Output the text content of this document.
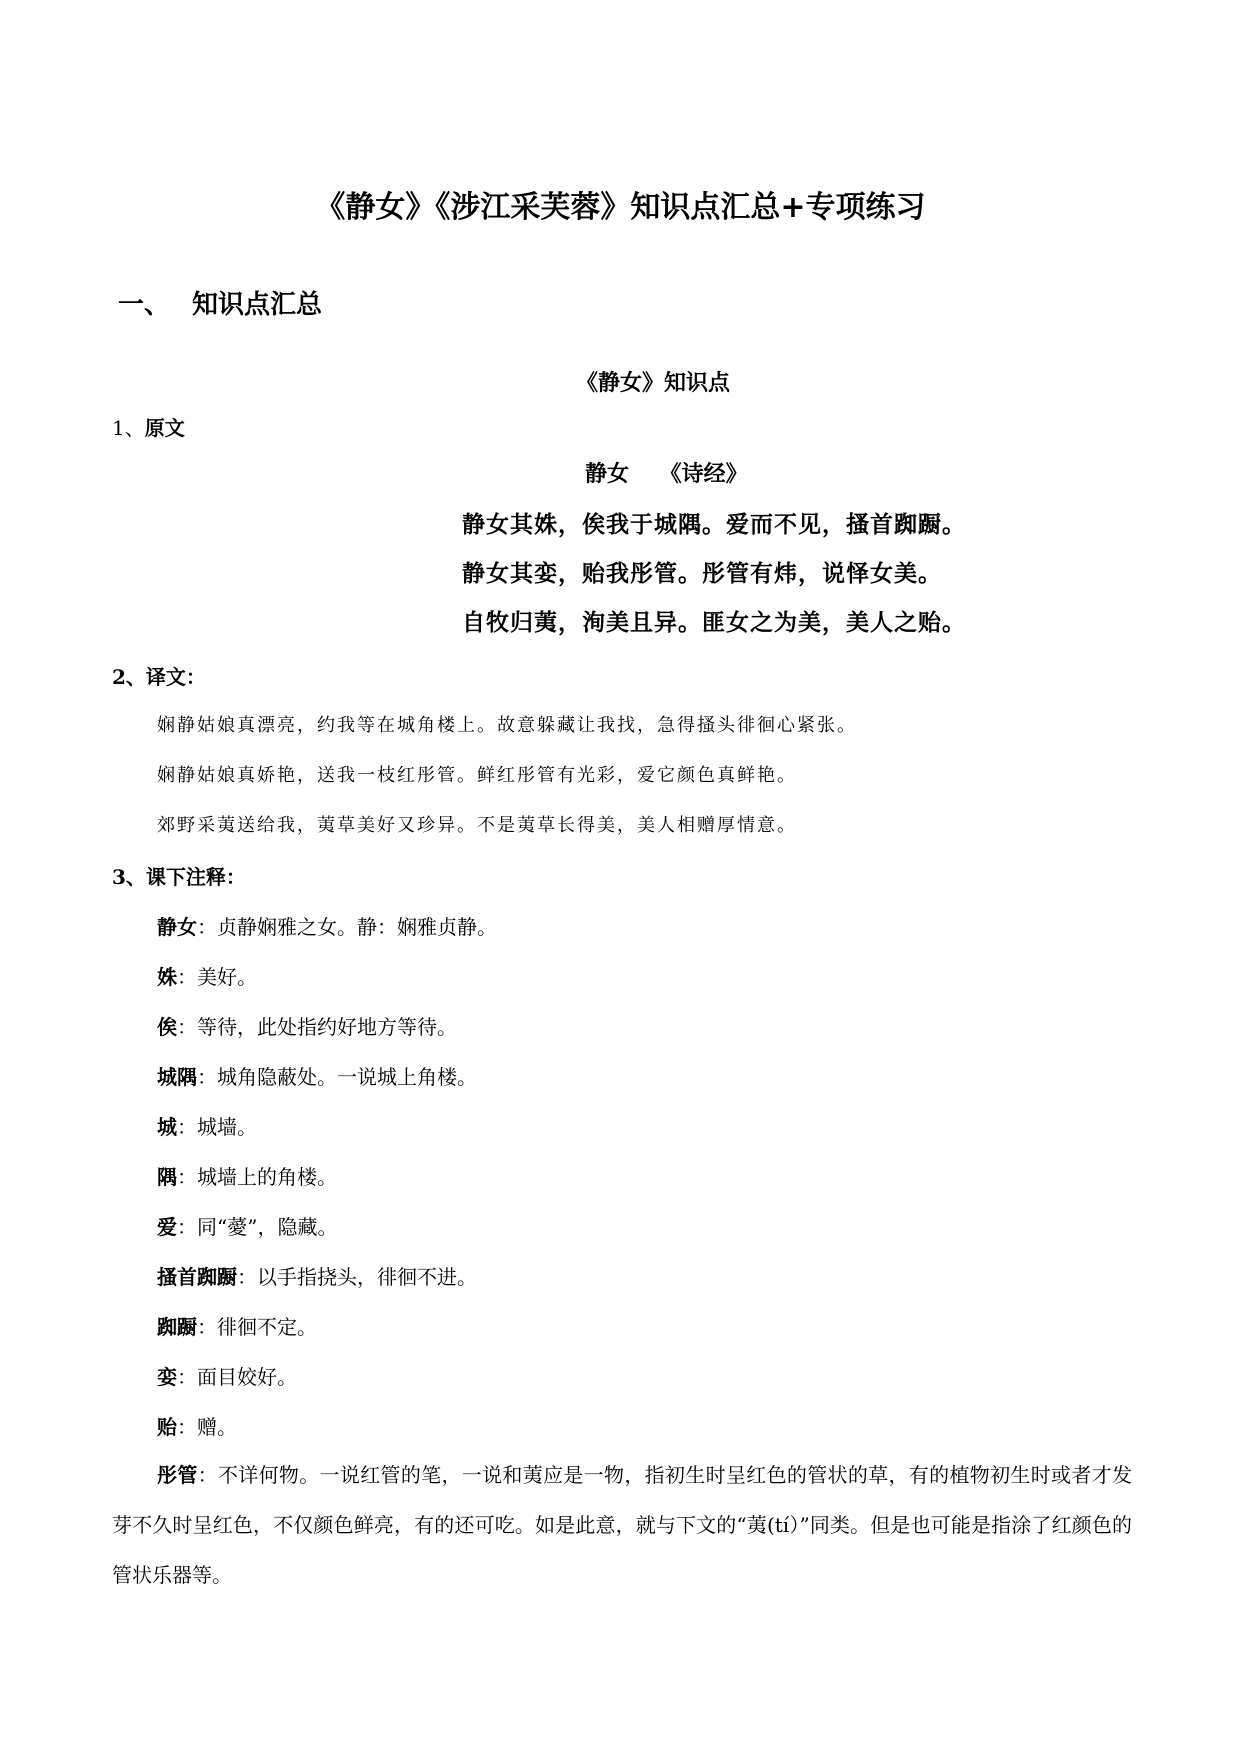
《静女》《涉江采芙蓉》知识点汇总+专项练习
一、 知识点汇总
《静女》知识点
1、原文
静女    《诗经》
静女其姝，俟我于城隅。爱而不见，搔首踟蹰。
静女其娈，贻我彤管。彤管有炜，说怿女美。
自牧归荑，洵美且异。匪女之为美，美人之贻。
2、译文：
娴静姑娘真漂亮，约我等在城角楼上。故意躲藏让我找，急得搔头徘徊心紧张。
娴静姑娘真娇艳，送我一枝红彤管。鲜红彤管有光彩，爱它颜色真鲜艳。
郊野采荑送给我，荑草美好又珍异。不是荑草长得美，美人相赠厚情意。
3、课下注释：
静女：贞静娴雅之女。静：娴雅贞静。
姝：美好。
俟：等待，此处指约好地方等待。
城隅：城角隐蔽处。一说城上角楼。
城：城墙。
隅：城墙上的角楼。
爱：同“薆”，隐藏。
搔首踟蹰：以手指挠头，徘徊不进。
踟蹰：徘徊不定。
娈：面目姣好。
贻：赠。
彤管：不详何物。一说红管的笔，一说和荑应是一物，指初生时呈红色的管状的草，有的植物初生时或者才发芽不久时呈红色，不仅颜色鲜亮，有的还可吃。如是此意，就与下文的“荑(tí）”同类。但是也可能是指涂了红颜色的管状乐器等。
